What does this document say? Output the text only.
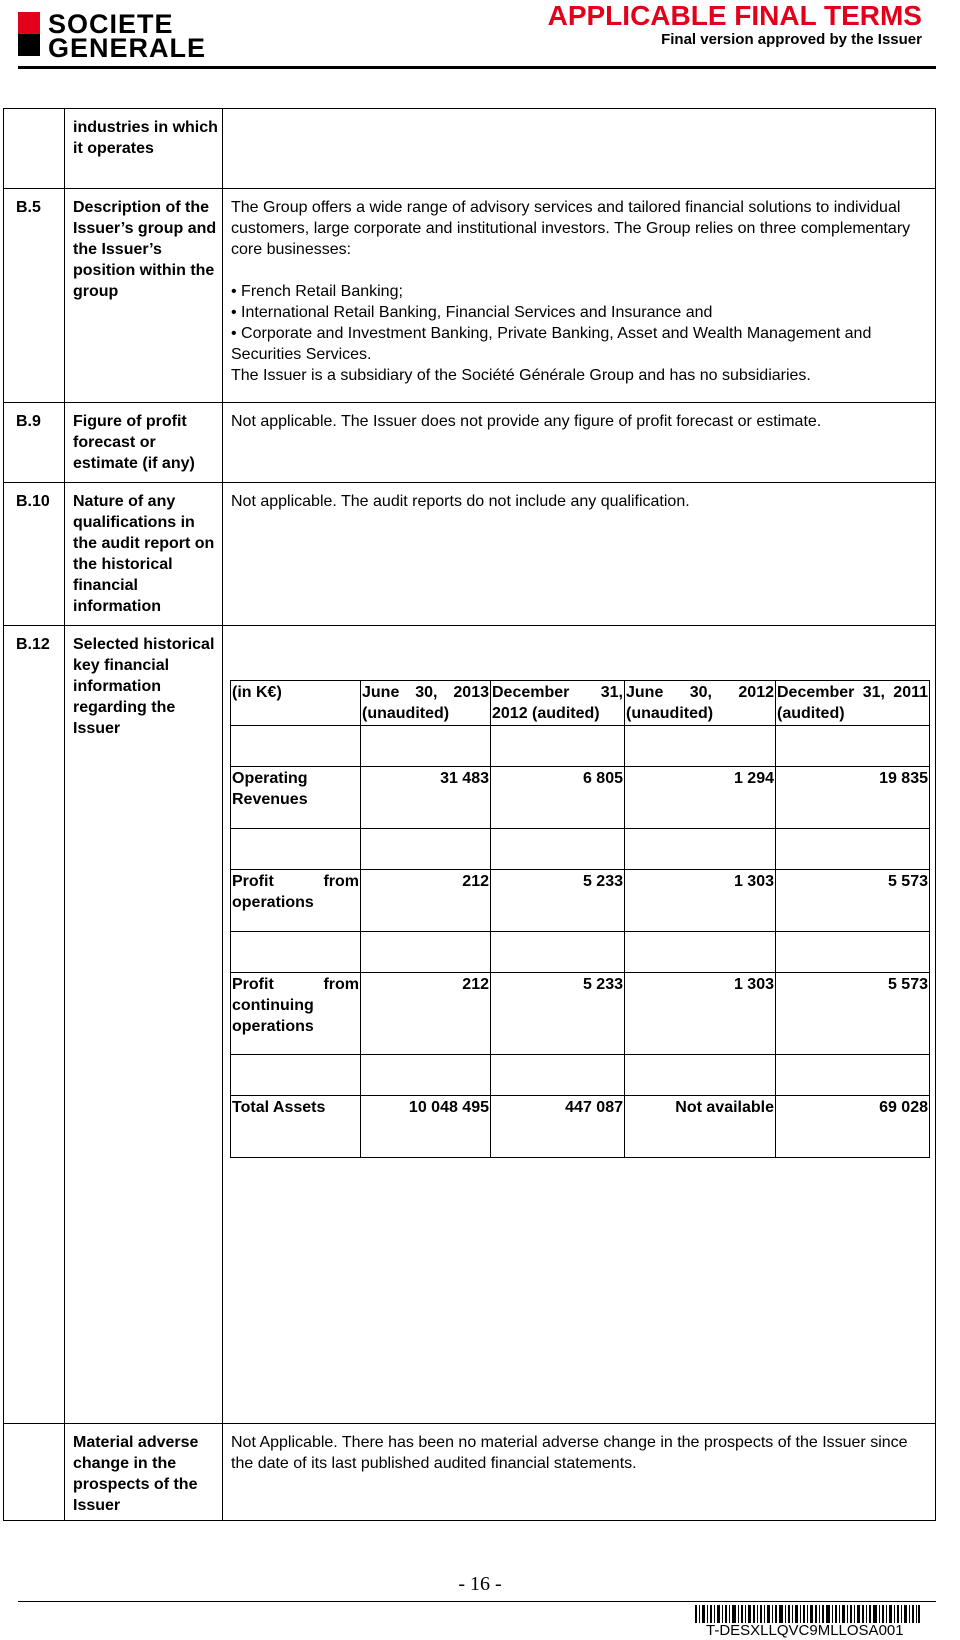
SOCIETE
GENERALE
APPLICABLE FINAL TERMS
Final version approved by the Issuer
industries in which it operates
B.5 Description of the Issuer’s group and the Issuer’s position within the group

The Group offers a wide range of advisory services and tailored financial solutions to individual customers, large corporate and institutional investors. The Group relies on three complementary core businesses:

• French Retail Banking;
• International Retail Banking, Financial Services and Insurance and
• Corporate and Investment Banking, Private Banking, Asset and Wealth Management and Securities Services.

The Issuer is a subsidiary of the Société Générale Group and has no subsidiaries.

B.9 Figure of profit forecast or estimate (if any)
Not applicable. The Issuer does not provide any figure of profit forecast or estimate.
B.10 Nature of any qualifications in the audit report on the historical financial information
Not applicable. The audit reports do not include any qualification.
B.12 Selected historical key financial information regarding the Issuer
(in K€)	June 30, 2013 (unaudited)	December 31, 2012 (audited)	June 30, 2012 (unaudited)	December 31, 2011 (audited)

Operating Revenues	31 483	6 805	1 294	19 835

Profit from operations	212	5 233	1 303	5 573

Profit from continuing operations	212	5 233	1 303	5 573

Total Assets	10 048 495	447 087	Not available	69 028
Material adverse change in the prospects of the Issuer
Not Applicable. There has been no material adverse change in the prospects of the Issuer since the date of its last published audited financial statements.
- 16 -
T-DESXLLQVC9MLLOSA001
